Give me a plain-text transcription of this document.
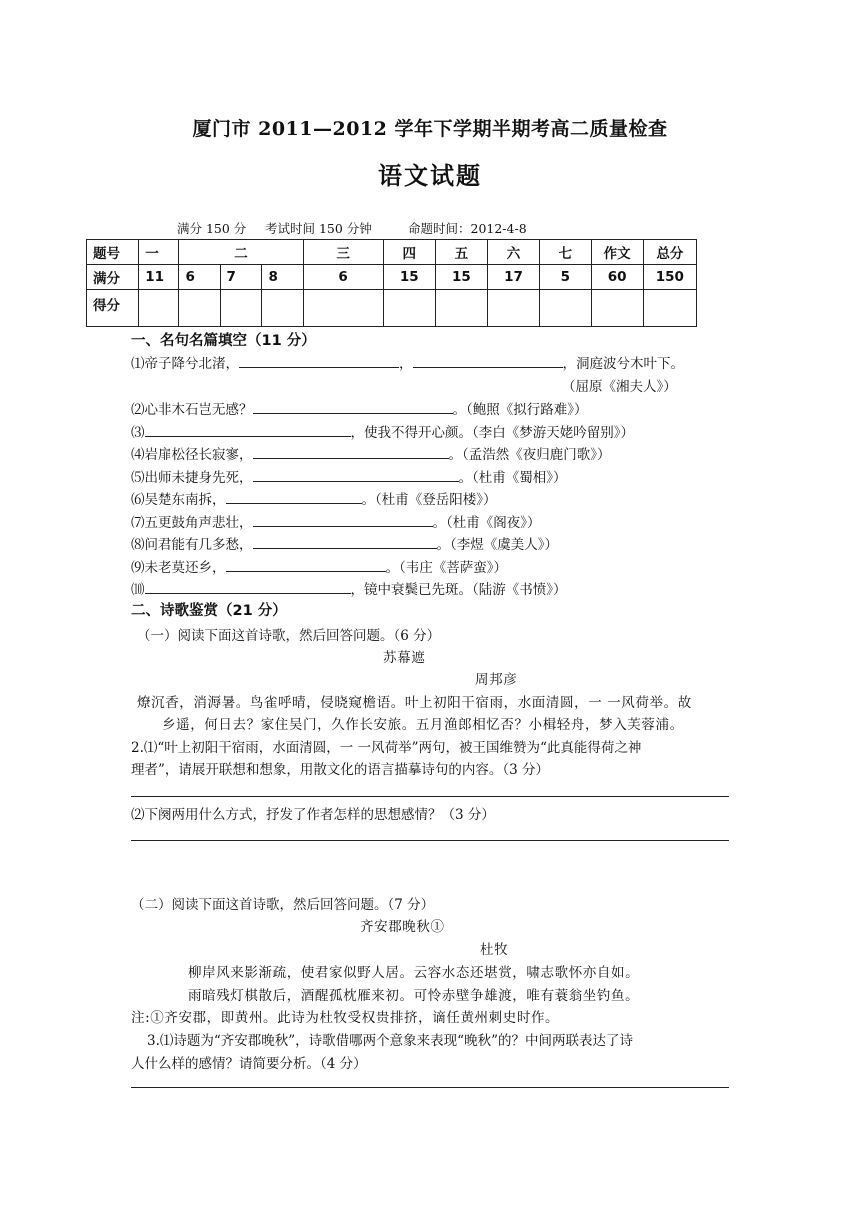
厦门市 2011—2012 学年下学期半期考高二质量检查
语文试题
满分 150 分 考试时间 150 分钟	命题时间：2012-4-8
题号	一	二			三	四	五	六	七	作文	总分
满分	11	6	7	8	6	15	15	17	5	60	150
得分											
一、名句名篇填空（11 分）
⑴帝子降兮北渚，	，	，洞庭波兮木叶下。
（屈原《湘夫人》）
⑵心非木石岂无感？	。（鲍照《拟行路难》）
⑶	，使我不得开心颜。（李白《梦游天姥吟留别》）
⑷岩扉松径长寂寥，	。（孟浩然《夜归鹿门歌》）
⑸出师未捷身先死，	。（杜甫《蜀相》）
⑹吴楚东南拆，	。（杜甫《登岳阳楼》）
⑺五更鼓角声悲壮，	。（杜甫《阁夜》）
⑻问君能有几多愁，	。（李煜《虞美人》）
⑼未老莫还乡，	。（韦庄《菩萨蛮》）
⑽	，镜中衰鬓已先斑。（陆游《书愤》）
二、诗歌鉴赏（21 分）
（一）阅读下面这首诗歌，然后回答问题。（6 分）
苏幕遮
周邦彦
燎沉香，消溽暑。鸟雀呼晴，侵晓窥檐语。叶上初阳干宿雨，水面清圆，一 一风荷举。故
乡遥，何日去？家住吴门，久作长安旅。五月渔郎相忆否？小楫轻舟，梦入芙蓉浦。
2.⑴“叶上初阳干宿雨，水面清圆，一 一风荷举”两句，被王国维赞为“此真能得荷之神
理者”，请展开联想和想象，用散文化的语言描摹诗句的内容。（3 分）
⑵下阕两用什么方式，抒发了作者怎样的思想感情？（3 分）
（二）阅读下面这首诗歌，然后回答问题。（7 分）
齐安郡晚秋①
杜牧
柳岸风来影渐疏，使君家似野人居。云容水态还堪赏，啸志歌怀亦自如。
雨暗残灯棋散后，酒醒孤枕雁来初。可怜赤壁争雄渡，唯有蓑翁坐钓鱼。
注:①齐安郡，即黄州。此诗为杜牧受权贵排挤，谪任黄州刺史时作。
3.⑴诗题为“齐安郡晚秋”，诗歌借哪两个意象来表现“晚秋”的？中间两联表达了诗
人什么样的感情？请简要分析。（4 分）
